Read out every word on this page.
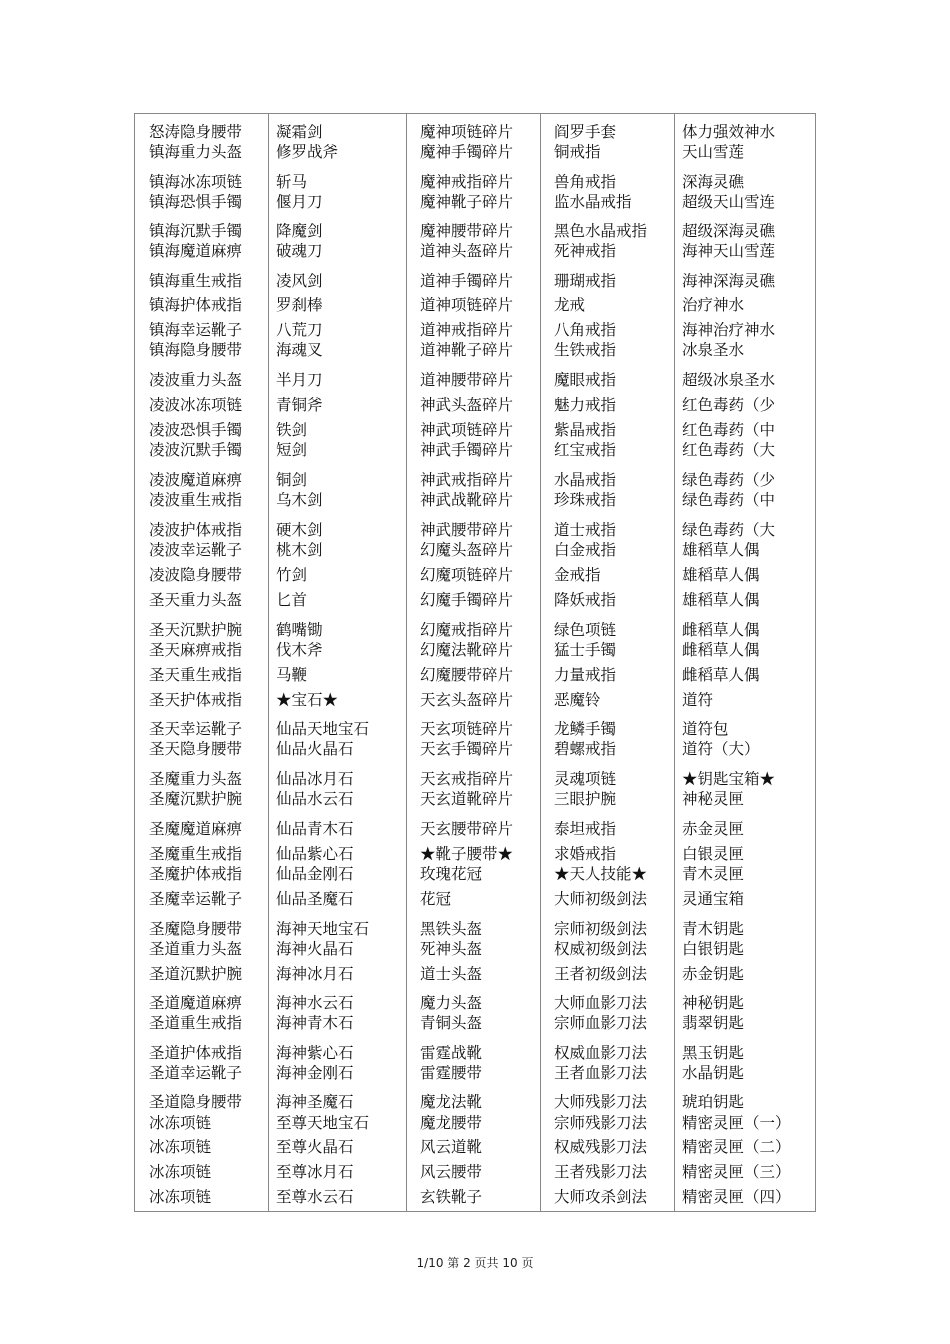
怒涛隐身腰带
镇海重力头盔
镇海冰冻项链
镇海恐惧手镯
镇海沉默手镯
镇海魔道麻痹
镇海重生戒指
镇海护体戒指
镇海幸运靴子
镇海隐身腰带
凌波重力头盔
凌波冰冻项链
凌波恐惧手镯
凌波沉默手镯
凌波魔道麻痹
凌波重生戒指
凌波护体戒指
凌波幸运靴子
凌波隐身腰带
圣天重力头盔
圣天沉默护腕
圣天麻痹戒指
圣天重生戒指
圣天护体戒指
圣天幸运靴子
圣天隐身腰带
圣魔重力头盔
圣魔沉默护腕
圣魔魔道麻痹
圣魔重生戒指
圣魔护体戒指
圣魔幸运靴子
圣魔隐身腰带
圣道重力头盔
圣道沉默护腕
圣道魔道麻痹
圣道重生戒指
圣道护体戒指
圣道幸运靴子
圣道隐身腰带
冰冻项链
冰冻项链
冰冻项链
冰冻项链
凝霜剑
修罗战斧
斩马
偃月刀
降魔剑
破魂刀
凌风剑
罗刹棒
八荒刀
海魂叉
半月刀
青铜斧
铁剑
短剑
铜剑
乌木剑
硬木剑
桃木剑
竹剑
匕首
鹤嘴锄
伐木斧
马鞭
★宝石★
仙品天地宝石
仙品火晶石
仙品冰月石
仙品水云石
仙品青木石
仙品紫心石
仙品金刚石
仙品圣魔石
海神天地宝石
海神火晶石
海神冰月石
海神水云石
海神青木石
海神紫心石
海神金刚石
海神圣魔石
至尊天地宝石
至尊火晶石
至尊冰月石
至尊水云石
魔神项链碎片
魔神手镯碎片
魔神戒指碎片
魔神靴子碎片
魔神腰带碎片
道神头盔碎片
道神手镯碎片
道神项链碎片
道神戒指碎片
道神靴子碎片
道神腰带碎片
神武头盔碎片
神武项链碎片
神武手镯碎片
神武戒指碎片
神武战靴碎片
神武腰带碎片
幻魔头盔碎片
幻魔项链碎片
幻魔手镯碎片
幻魔戒指碎片
幻魔法靴碎片
幻魔腰带碎片
天玄头盔碎片
天玄项链碎片
天玄手镯碎片
天玄戒指碎片
天玄道靴碎片
天玄腰带碎片
★靴子腰带★
玫瑰花冠
花冠
黑铁头盔
死神头盔
道士头盔
魔力头盔
青铜头盔
雷霆战靴
雷霆腰带
魔龙法靴
魔龙腰带
风云道靴
风云腰带
玄铁靴子
阎罗手套
铜戒指
兽角戒指
监水晶戒指
黑色水晶戒指
死神戒指
珊瑚戒指
龙戒
八角戒指
生铁戒指
魔眼戒指
魅力戒指
紫晶戒指
红宝戒指
水晶戒指
珍珠戒指
道士戒指
白金戒指
金戒指
降妖戒指
绿色项链
猛士手镯
力量戒指
恶魔铃
龙鳞手镯
碧螺戒指
灵魂项链
三眼护腕
泰坦戒指
求婚戒指
★天人技能★
大师初级剑法
宗师初级剑法
权威初级剑法
王者初级剑法
大师血影刀法
宗师血影刀法
权威血影刀法
王者血影刀法
大师残影刀法
宗师残影刀法
权威残影刀法
王者残影刀法
大师攻杀剑法
体力强效神水
天山雪莲
深海灵礁
超级天山雪连
超级深海灵礁
海神天山雪莲
海神深海灵礁
治疗神水
海神治疗神水
冰泉圣水
超级冰泉圣水
红色毒药（少
红色毒药（中
红色毒药（大
绿色毒药（少
绿色毒药（中
绿色毒药（大
雄稻草人偶
雄稻草人偶
雄稻草人偶
雌稻草人偶
雌稻草人偶
雌稻草人偶
道符
道符包
道符（大）
★钥匙宝箱★
神秘灵匣
赤金灵匣
白银灵匣
青木灵匣
灵通宝箱
青木钥匙
白银钥匙
赤金钥匙
神秘钥匙
翡翠钥匙
黑玉钥匙
水晶钥匙
琥珀钥匙
精密灵匣（一）
精密灵匣（二）
精密灵匣（三）
精密灵匣（四）
1/10 第 2 页共 10 页
